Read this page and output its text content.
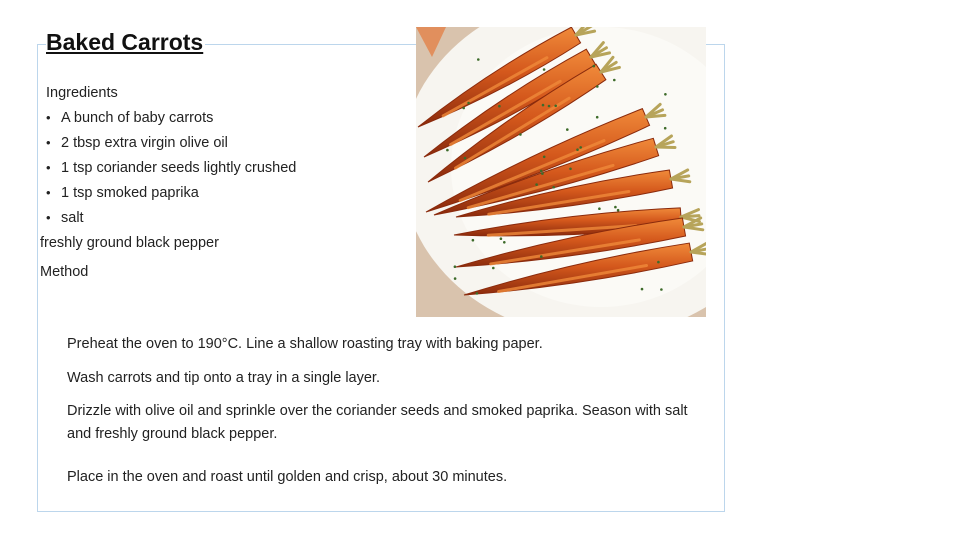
Baked Carrots
Ingredients
• A bunch of baby carrots
• 2 tbsp extra virgin olive oil
• 1 tsp coriander seeds lightly crushed
• 1 tsp smoked paprika
• salt
freshly ground black pepper
Method
Preheat the oven to 190°C. Line a shallow roasting tray with baking paper.
Wash carrots and tip onto a tray in a single layer.
Drizzle with olive oil and sprinkle over the coriander seeds and smoked paprika. Season with salt and freshly ground black pepper.
Place in the oven and roast until golden and crisp, about 30 minutes.
